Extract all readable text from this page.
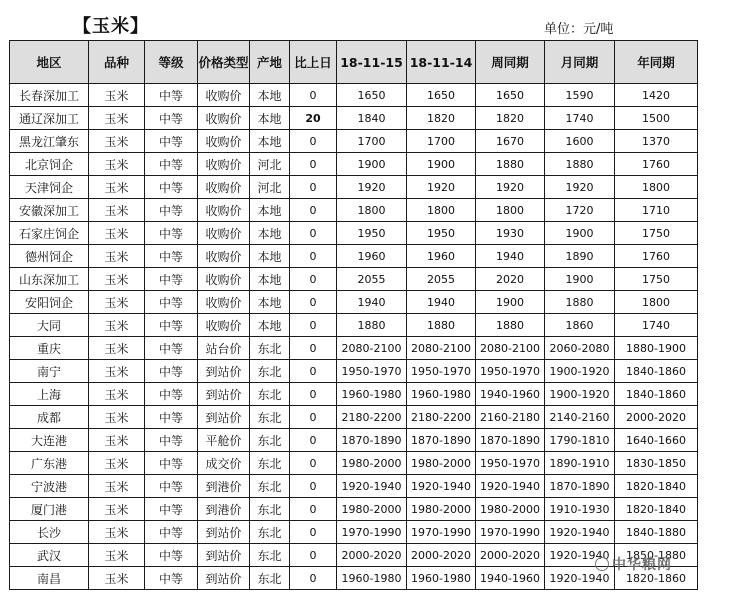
【玉米】	单位：元/吨
地区	品种	等级	价格类型	产地	比上日	18-11-15	18-11-14	周同期	月同期	年同期
长春深加工	玉米	中等	收购价	本地	0	1650	1650	1650	1590	1420
通辽深加工	玉米	中等	收购价	本地	20	1840	1820	1820	1740	1500
黑龙江肇东	玉米	中等	收购价	本地	0	1700	1700	1670	1600	1370
北京饲企	玉米	中等	收购价	河北	0	1900	1900	1880	1880	1760
天津饲企	玉米	中等	收购价	河北	0	1920	1920	1920	1920	1800
安徽深加工	玉米	中等	收购价	本地	0	1800	1800	1800	1720	1710
石家庄饲企	玉米	中等	收购价	本地	0	1950	1950	1930	1900	1750
德州饲企	玉米	中等	收购价	本地	0	1960	1960	1940	1890	1760
山东深加工	玉米	中等	收购价	本地	0	2055	2055	2020	1900	1750
安阳饲企	玉米	中等	收购价	本地	0	1940	1940	1900	1880	1800
大同	玉米	中等	收购价	本地	0	1880	1880	1880	1860	1740
重庆	玉米	中等	站台价	东北	0	2080-2100	2080-2100	2080-2100	2060-2080	1880-1900
南宁	玉米	中等	到站价	东北	0	1950-1970	1950-1970	1950-1970	1900-1920	1840-1860
上海	玉米	中等	到站价	东北	0	1960-1980	1960-1980	1940-1960	1900-1920	1840-1860
成都	玉米	中等	到站价	东北	0	2180-2200	2180-2200	2160-2180	2140-2160	2000-2020
大连港	玉米	中等	平舱价	东北	0	1870-1890	1870-1890	1870-1890	1790-1810	1640-1660
广东港	玉米	中等	成交价	东北	0	1980-2000	1980-2000	1950-1970	1890-1910	1830-1850
宁波港	玉米	中等	到港价	东北	0	1920-1940	1920-1940	1920-1940	1870-1890	1820-1840
厦门港	玉米	中等	到港价	东北	0	1980-2000	1980-2000	1980-2000	1910-1930	1820-1840
长沙	玉米	中等	到站价	东北	0	1970-1990	1970-1990	1970-1990	1920-1940	1840-1880
武汉	玉米	中等	到站价	东北	0	2000-2020	2000-2020	2000-2020	1920-1940	1850-1880
南昌	玉米	中等	到站价	东北	0	1960-1980	1960-1980	1940-1960	1920-1940	1820-1860
中华粮网
